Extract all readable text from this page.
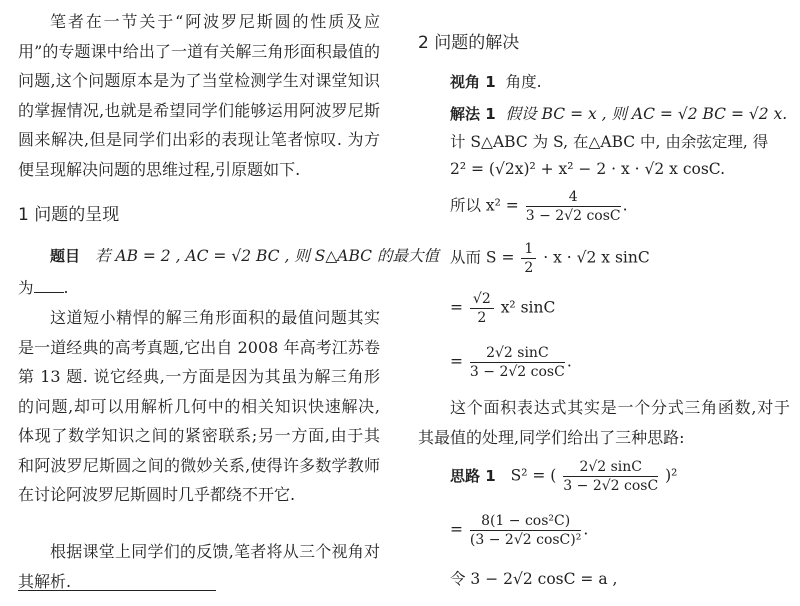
笔者在一节关于“阿波罗尼斯圆的性质及应用”的专题课中给出了一道有关解三角形面积最值的问题,这个问题原本是为了当堂检测学生对课堂知识的掌握情况,也就是希望同学们能够运用阿波罗尼斯圆来解决,但是同学们出彩的表现让笔者惊叹. 为方便呈现解决问题的思维过程,引原题如下.

1 问题的呈现

题目 若 AB = 2 , AC = √2 BC , 则 S△ABC 的最大值
为 .

这道短小精悍的解三角形面积的最值问题其实是一道经典的高考真题,它出自 2008 年高考江苏卷第 13 题. 说它经典,一方面是因为其虽为解三角形的问题,却可以用解析几何中的相关知识快速解决,体现了数学知识之间的紧密联系;另一方面,由于其和阿波罗尼斯圆之间的微妙关系,使得许多数学教师在讨论阿波罗尼斯圆时几乎都绕不开它.

根据课堂上同学们的反馈,笔者将从三个视角对其解析.

2 问题的解决

视角 1 角度.
解法 1 假设 BC = x , 则 AC = √2 BC = √2 x.
计 S△ABC 为 S, 在△ABC 中, 由余弦定理, 得
2² = (√2x)² + x² − 2 · x · √2 x cosC.
所以 $x^2 = \frac{4}{3 - 2√2 \cos C}$ .
从而 $S = \frac{1}{2} \cdot x \cdot √2$ x sinC
= $\frac{√2}{2} x^2$ sinC
= $\frac{2√2 \sin C}{3 - 2√2 \cos C}$ .

这个面积表达式其实是一个分式三角函数,对于其最值的处理,同学们给出了三种思路:

思路 1 S² = ( $\frac{2√2 \sin C}{3 - 2√2 \cos C} )^2$
= $\frac{\text{8(1 − cos²C)}}{\text{(3 − 2√2 cosC)²}}$ .
令 3 − 2√2 cosC = a ,
